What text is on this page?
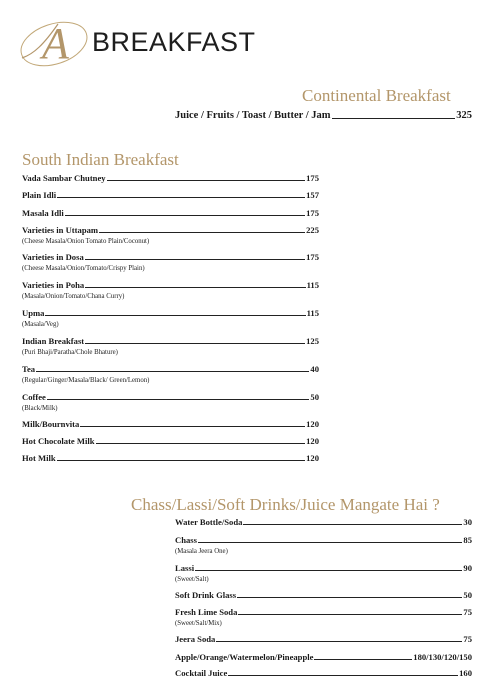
A BREAKFAST
Continental Breakfast
Juice / Fruits / Toast / Butter / Jam	325
South Indian Breakfast
Vada Sambar Chutney	175
Plain Idli	157
Masala Idli	175
Varieties in Uttapam	225
(Cheese Masala/Onion Tomato Plain/Coconut)
Varieties in Dosa	175
(Cheese Masala/Onion/Tomato/Crispy Plain)
Varieties in Poha	115
(Masala/Onion/Tomato/Chana Curry)
Upma	115
(Masala/Veg)
Indian Breakfast	125
(Puri Bhaji/Paratha/Chole Bhature)
Tea	40
(Regular/Ginger/Masala/Black/ Green/Lemon)
Coffee	50
(Black/Milk)
Milk/Bournvita	120
Hot Chocolate Milk	120
Hot Milk	120
Chass/Lassi/Soft Drinks/Juice Mangate Hai ?
Water Bottle/Soda	30
Chass	85
(Masala Jeera One)
Lassi	90
(Sweet/Salt)
Soft Drink Glass	50
Fresh Lime Soda	75
(Sweet/Salt/Mix)
Jeera Soda	75
Apple/Orange/Watermelon/Pineapple	180/130/120/150
Cocktail Juice	160
